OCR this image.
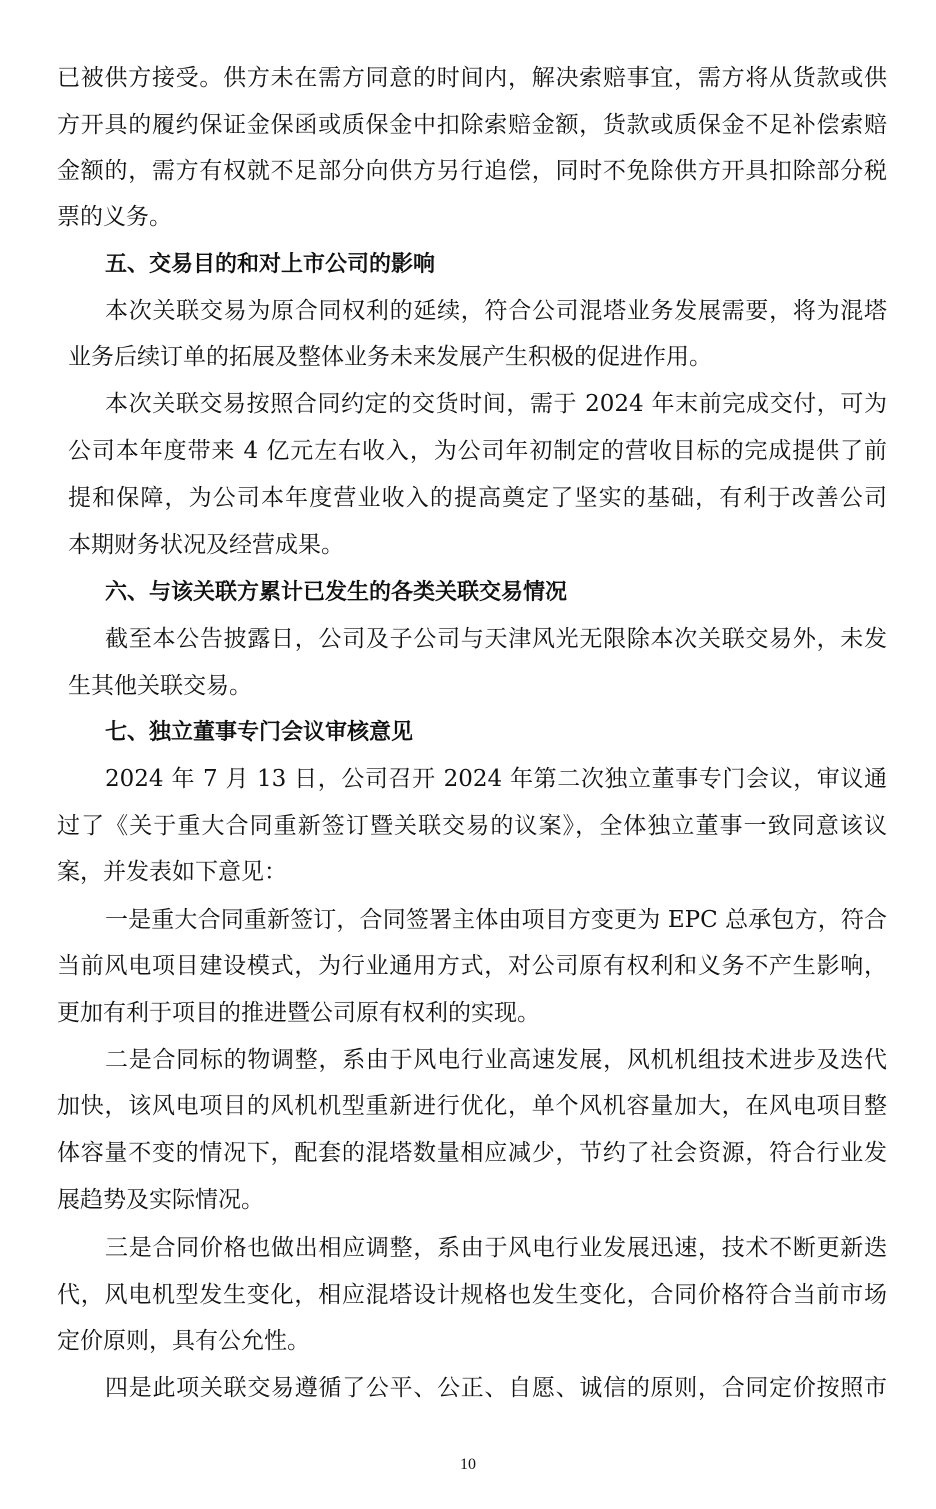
已被供方接受。供方未在需方同意的时间内，解决索赔事宜，需方将从货款或供
方开具的履约保证金保函或质保金中扣除索赔金额，货款或质保金不足补偿索赔
金额的，需方有权就不足部分向供方另行追偿，同时不免除供方开具扣除部分税
票的义务。
五、交易目的和对上市公司的影响
本次关联交易为原合同权利的延续，符合公司混塔业务发展需要，将为混塔
业务后续订单的拓展及整体业务未来发展产生积极的促进作用。
本次关联交易按照合同约定的交货时间，需于 2024 年末前完成交付，可为
公司本年度带来 4 亿元左右收入，为公司年初制定的营收目标的完成提供了前
提和保障，为公司本年度营业收入的提高奠定了坚实的基础，有利于改善公司
本期财务状况及经营成果。
六、与该关联方累计已发生的各类关联交易情况
截至本公告披露日，公司及子公司与天津风光无限除本次关联交易外，未发
生其他关联交易。
七、独立董事专门会议审核意见
2024 年 7 月 13 日，公司召开 2024 年第二次独立董事专门会议，审议通
过了《关于重大合同重新签订暨关联交易的议案》，全体独立董事一致同意该议
案，并发表如下意见：
一是重大合同重新签订，合同签署主体由项目方变更为 EPC 总承包方，符合
当前风电项目建设模式，为行业通用方式，对公司原有权利和义务不产生影响，
更加有利于项目的推进暨公司原有权利的实现。
二是合同标的物调整，系由于风电行业高速发展，风机机组技术进步及迭代
加快，该风电项目的风机机型重新进行优化，单个风机容量加大，在风电项目整
体容量不变的情况下，配套的混塔数量相应减少，节约了社会资源，符合行业发
展趋势及实际情况。
三是合同价格也做出相应调整，系由于风电行业发展迅速，技术不断更新迭
代，风电机型发生变化，相应混塔设计规格也发生变化，合同价格符合当前市场
定价原则，具有公允性。
四是此项关联交易遵循了公平、公正、自愿、诚信的原则，合同定价按照市
10
